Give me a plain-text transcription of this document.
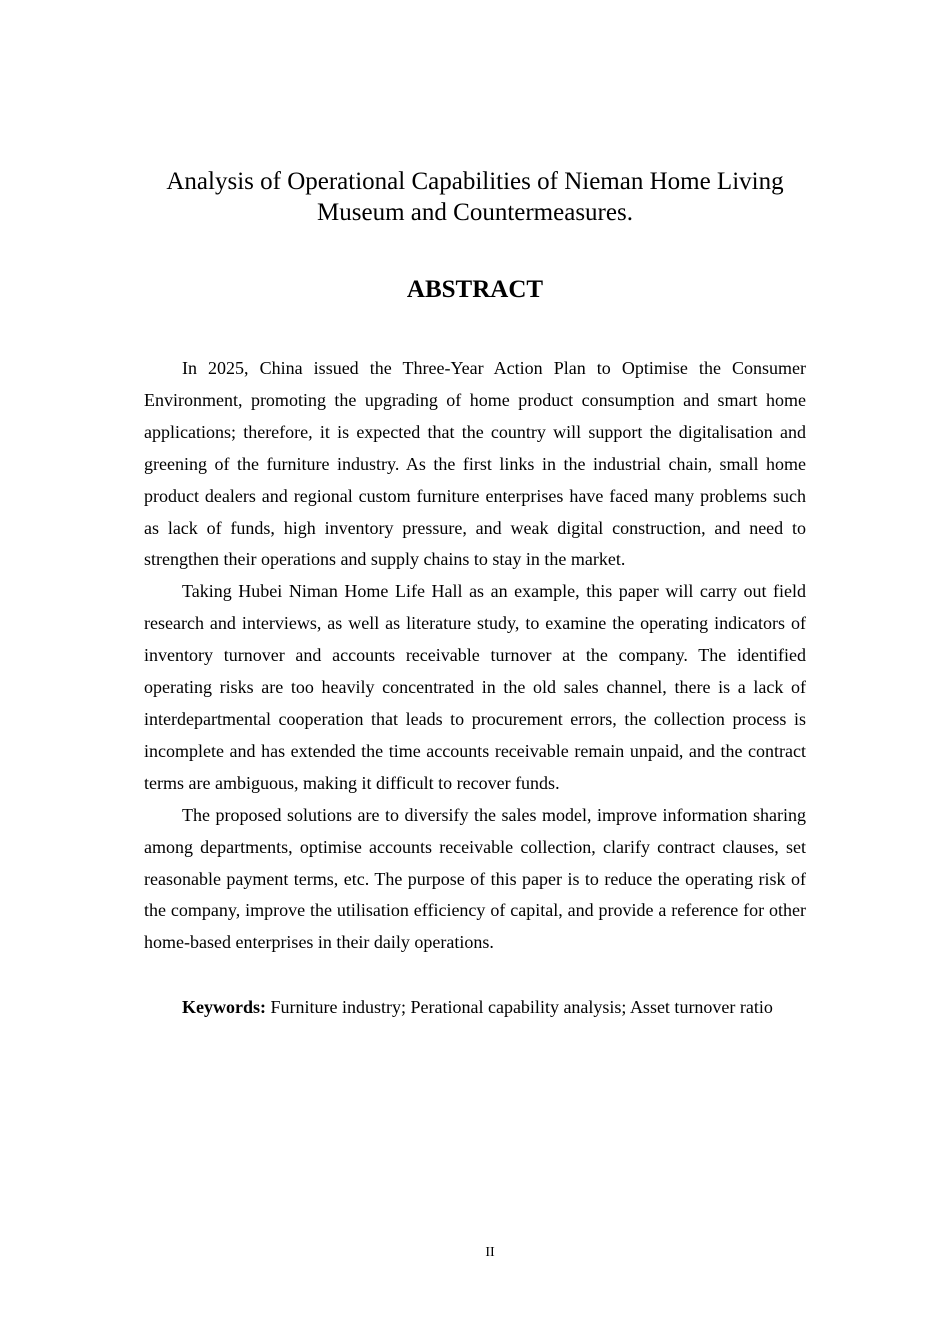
Analysis of Operational Capabilities of Nieman Home Living
Museum and Countermeasures.
ABSTRACT

In 2025, China issued the Three-Year Action Plan to Optimise the Consumer Environment, promoting the upgrading of home product consumption and smart home applications; therefore, it is expected that the country will support the digitalisation and greening of the furniture industry. As the first links in the industrial chain, small home product dealers and regional custom furniture enterprises have faced many problems such as lack of funds, high inventory pressure, and weak digital construction, and need to strengthen their operations and supply chains to stay in the market.

Taking Hubei Niman Home Life Hall as an example, this paper will carry out field research and interviews, as well as literature study, to examine the operating indicators of inventory turnover and accounts receivable turnover at the company. The identified operating risks are too heavily concentrated in the old sales channel, there is a lack of interdepartmental cooperation that leads to procurement errors, the collection process is incomplete and has extended the time accounts receivable remain unpaid, and the contract terms are ambiguous, making it difficult to recover funds.

The proposed solutions are to diversify the sales model, improve information sharing among departments, optimise accounts receivable collection, clarify contract clauses, set reasonable payment terms, etc. The purpose of this paper is to reduce the operating risk of the company, improve the utilisation efficiency of capital, and provide a reference for other home-based enterprises in their daily operations.

Keywords: Furniture industry; Perational capability analysis; Asset turnover ratio

II
